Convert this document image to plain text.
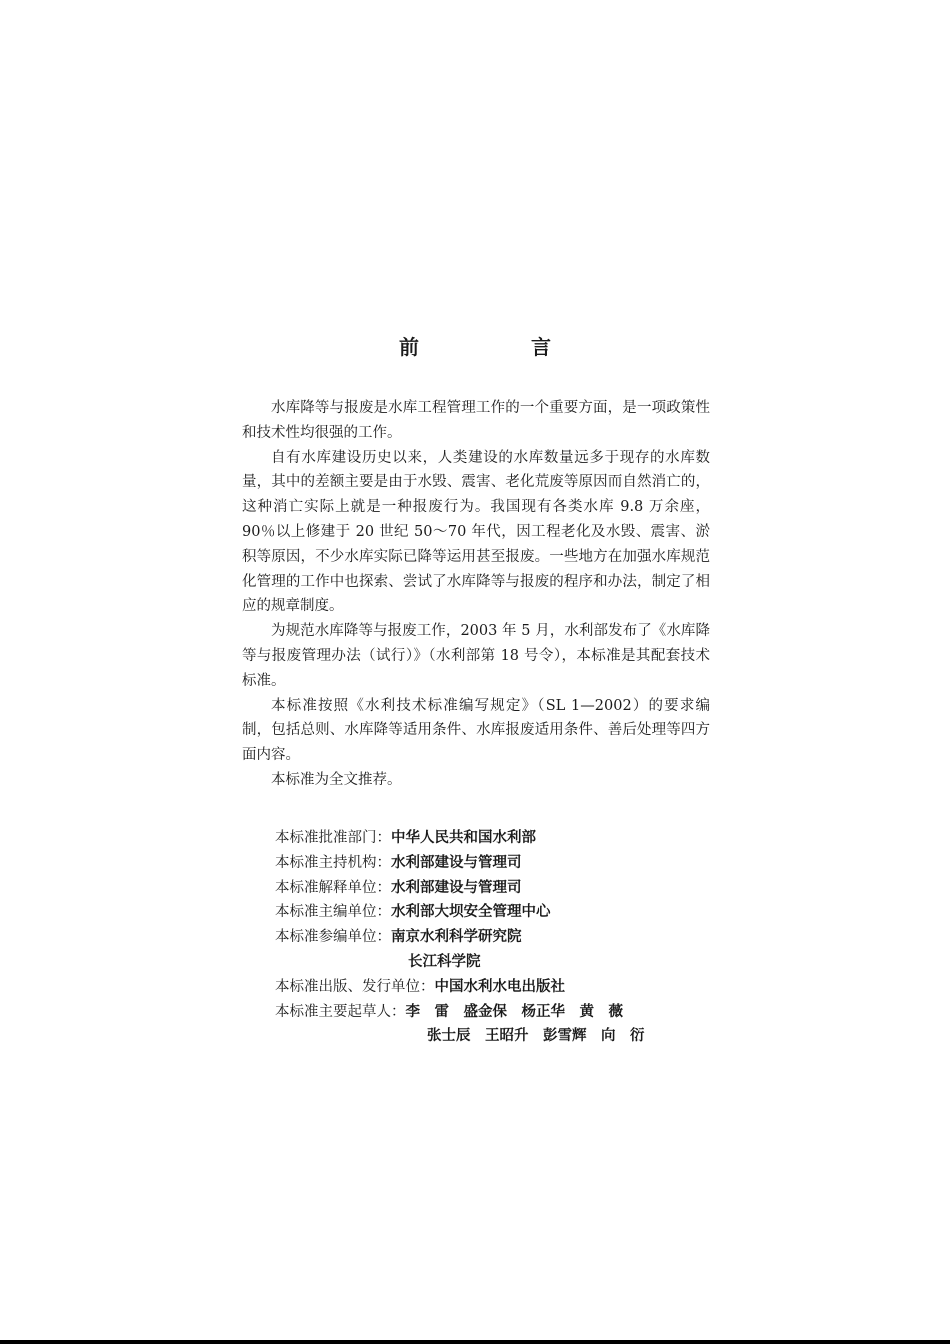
前　言

水库降等与报废是水库工程管理工作的一个重要方面，是一项政策性和技术性均很强的工作。

自有水库建设历史以来，人类建设的水库数量远多于现存的水库数量，其中的差额主要是由于水毁、震害、老化荒废等原因而自然消亡的，这种消亡实际上就是一种报废行为。我国现有各类水库 9.8 万余座，90％以上修建于 20 世纪 50～70 年代，因工程老化及水毁、震害、淤积等原因，不少水库实际已降等运用甚至报废。一些地方在加强水库规范化管理的工作中也探索、尝试了水库降等与报废的程序和办法，制定了相应的规章制度。

为规范水库降等与报废工作，2003 年 5 月，水利部发布了《水库降等与报废管理办法（试行）》（水利部第 18 号令），本标准是其配套技术标准。

本标准按照《水利技术标准编写规定》（SL 1—2002）的要求编制，包括总则、水库降等适用条件、水库报废适用条件、善后处理等四方面内容。

本标准为全文推荐。

本标准批准部门： 中华人民共和国水利部
本标准主持机构： 水利部建设与管理司
本标准解释单位： 水利部建设与管理司
本标准主编单位： 水利部大坝安全管理中心
本标准参编单位： 南京水利科学研究院
长江科学院
本标准出版、发行单位： 中国水利水电出版社
本标准主要起草人： 李　雷　盛金保　杨正华　黄　薇
张士辰　王昭升　彭雪辉　向　衍
